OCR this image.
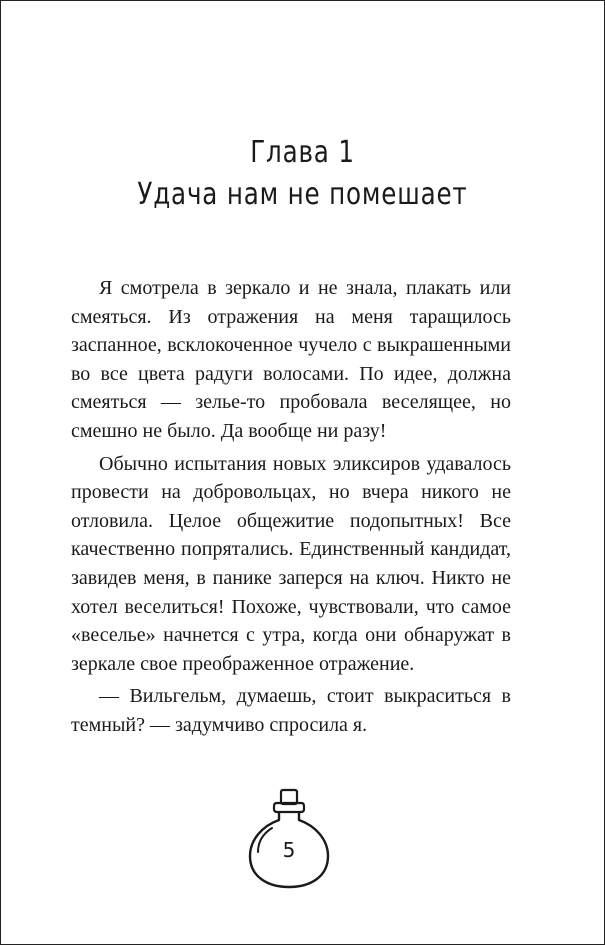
Глава 1
Удача нам не помешает

Я смотрела в зеркало и не знала, плакать или смеяться. Из отражения на меня таращилось заспанное, всклокоченное чучело с выкрашенными во все цвета радуги волосами. По идее, должна смеяться — зелье-то пробовала веселящее, но смешно не было. Да вообще ни разу!

Обычно испытания новых эликсиров удавалось провести на добровольцах, но вчера никого не отловила. Целое общежитие подопытных! Все качественно попрятались. Единственный кандидат, завидев меня, в панике заперся на ключ. Никто не хотел веселиться! Похоже, чувствовали, что самое «веселье» начнется с утра, когда они обнаружат в зеркале свое преображенное отражение.

— Вильгельм, думаешь, стоит выкраситься в темный? — задумчиво спросила я.

5
